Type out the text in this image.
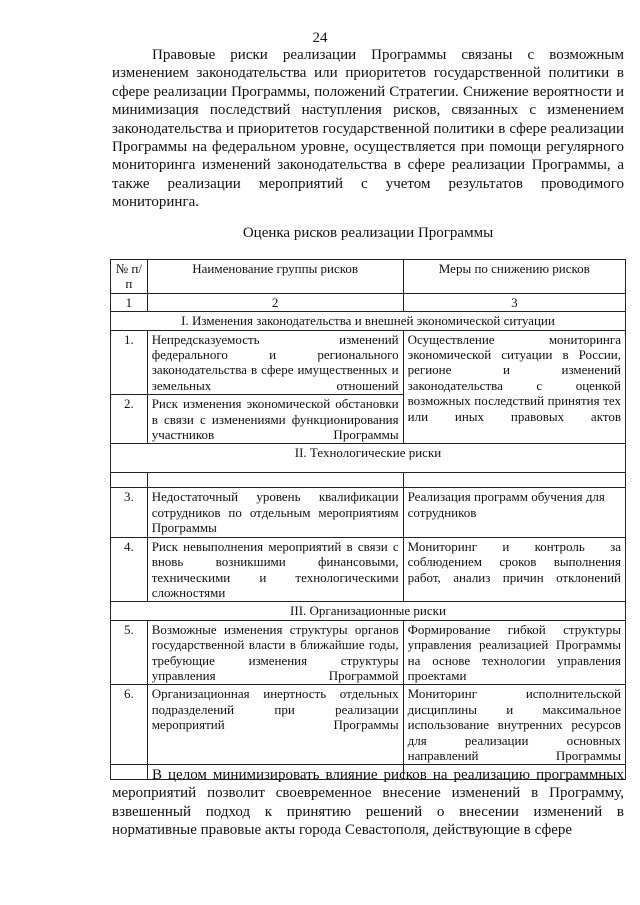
24

Правовые риски реализации Программы связаны с возможным изменением законодательства или приоритетов государственной политики в сфере реализации Программы, положений Стратегии. Снижение вероятности и минимизация последствий наступления рисков, связанных с изменением законодательства и приоритетов государственной политики в сфере реализации Программы на федеральном уровне, осуществляется при помощи регулярного мониторинга изменений законодательства в сфере реализации Программы, а также реализации мероприятий с учетом результатов проводимого мониторинга.

Оценка рисков реализации Программы
№ п/п	Наименование группы рисков	Меры по снижению рисков
1	2	3
I. Изменения законодательства и внешней экономической ситуации		
1.	Непредсказуемость изменений федерального и регионального законодательства в сфере имущественных и земельных отношений	Осуществление мониторинга экономической ситуации в России, регионе и изменений законодательства с оценкой возможных последствий принятия тех или иных правовых актов
2.	Риск изменения экономической обстановки в связи с изменениями функционирования участников Программы	
II. Технологические риски		

3.	Недостаточный уровень квалификации сотрудников по отдельным мероприятиям Программы	Реализация программ обучения для сотрудников
4.	Риск невыполнения мероприятий в связи с вновь возникшими финансовыми, техническими и технологическими сложностями	Мониторинг и контроль за соблюдением сроков выполнения работ, анализ причин отклонений
III. Организационные риски		
5.	Возможные изменения структуры органов государственной власти в ближайшие годы, требующие изменения структуры управления Программой	Формирование гибкой структуры управления реализацией Программы на основе технологии управления проектами
6.	Организационная инертность отдельных подразделений при реализации мероприятий Программы	Мониторинг исполнительской дисциплины и максимальное использование внутренних ресурсов для реализации основных направлений Программы

В целом минимизировать влияние рисков на реализацию программных мероприятий позволит своевременное внесение изменений в Программу, взвешенный подход к принятию решений о внесении изменений в нормативные правовые акты города Севастополя, действующие в сфере
